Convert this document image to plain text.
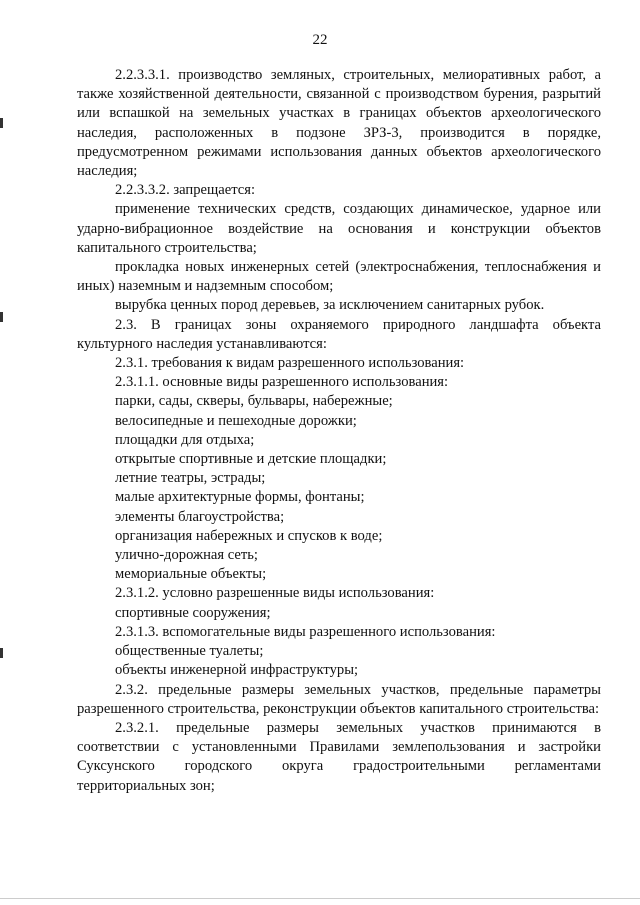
22

2.2.3.3.1. производство земляных, строительных, мелиоративных работ, а также хозяйственной деятельности, связанной с производством бурения, разрытий или вспашкой на земельных участках в границах объектов археологического наследия, расположенных в подзоне ЗРЗ-3, производится в порядке, предусмотренном режимами использования данных объектов археологического наследия;

2.2.3.3.2. запрещается:

применение технических средств, создающих динамическое, ударное или ударно-вибрационное воздействие на основания и конструкции объектов капитального строительства;

прокладка новых инженерных сетей (электроснабжения, теплоснабжения и иных) наземным и надземным способом;

вырубка ценных пород деревьев, за исключением санитарных рубок.

2.3. В границах зоны охраняемого природного ландшафта объекта культурного наследия устанавливаются:

2.3.1. требования к видам разрешенного использования:

2.3.1.1. основные виды разрешенного использования:

парки, сады, скверы, бульвары, набережные;

велосипедные и пешеходные дорожки;

площадки для отдыха;

открытые спортивные и детские площадки;

летние театры, эстрады;

малые архитектурные формы, фонтаны;

элементы благоустройства;

организация набережных и спусков к воде;

улично-дорожная сеть;

мемориальные объекты;

2.3.1.2. условно разрешенные виды использования:

спортивные сооружения;

2.3.1.3. вспомогательные виды разрешенного использования:

общественные туалеты;

объекты инженерной инфраструктуры;

2.3.2. предельные размеры земельных участков, предельные параметры разрешенного строительства, реконструкции объектов капитального строительства:

2.3.2.1. предельные размеры земельных участков принимаются в соответствии с установленными Правилами землепользования и застройки Суксунского городского округа градостроительными регламентами территориальных зон;
